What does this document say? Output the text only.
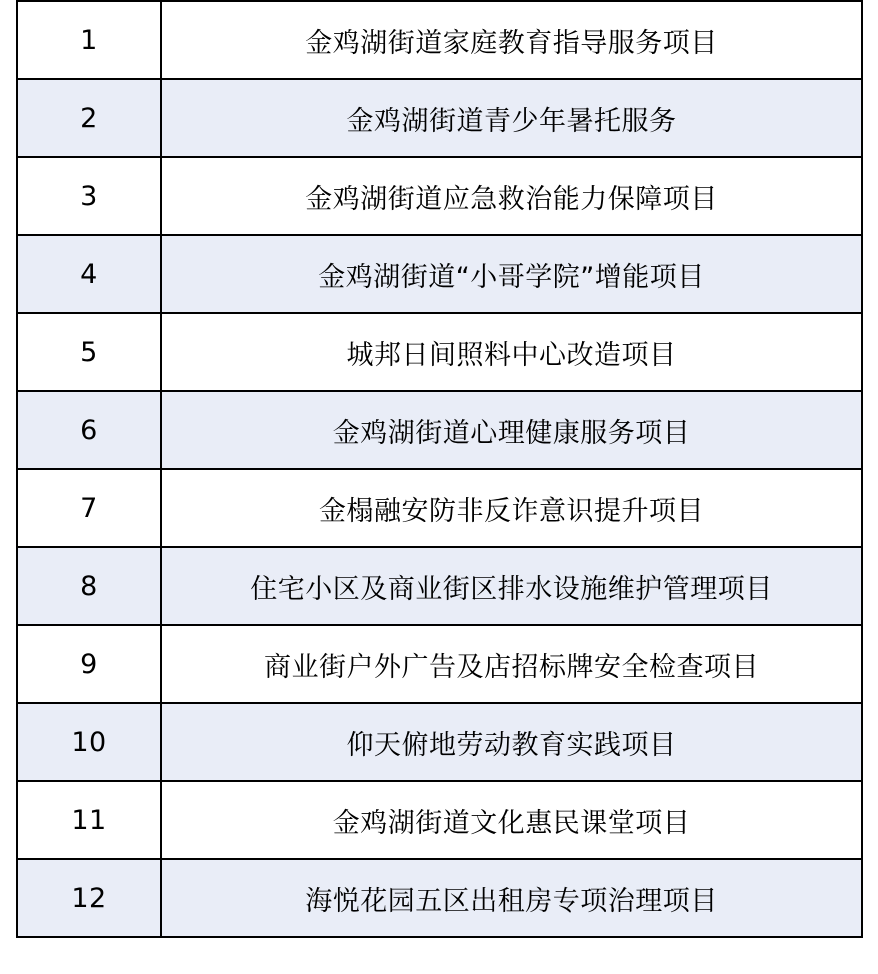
1	金鸡湖街道家庭教育指导服务项目
2	金鸡湖街道青少年暑托服务
3	金鸡湖街道应急救治能力保障项目
4	金鸡湖街道“小哥学院”增能项目
5	城邦日间照料中心改造项目
6	金鸡湖街道心理健康服务项目
7	金榻融安防非反诈意识提升项目
8	住宅小区及商业街区排水设施维护管理项目
9	商业街户外广告及店招标牌安全检查项目
10	仰天俯地劳动教育实践项目
11	金鸡湖街道文化惠民课堂项目
12	海悦花园五区出租房专项治理项目
